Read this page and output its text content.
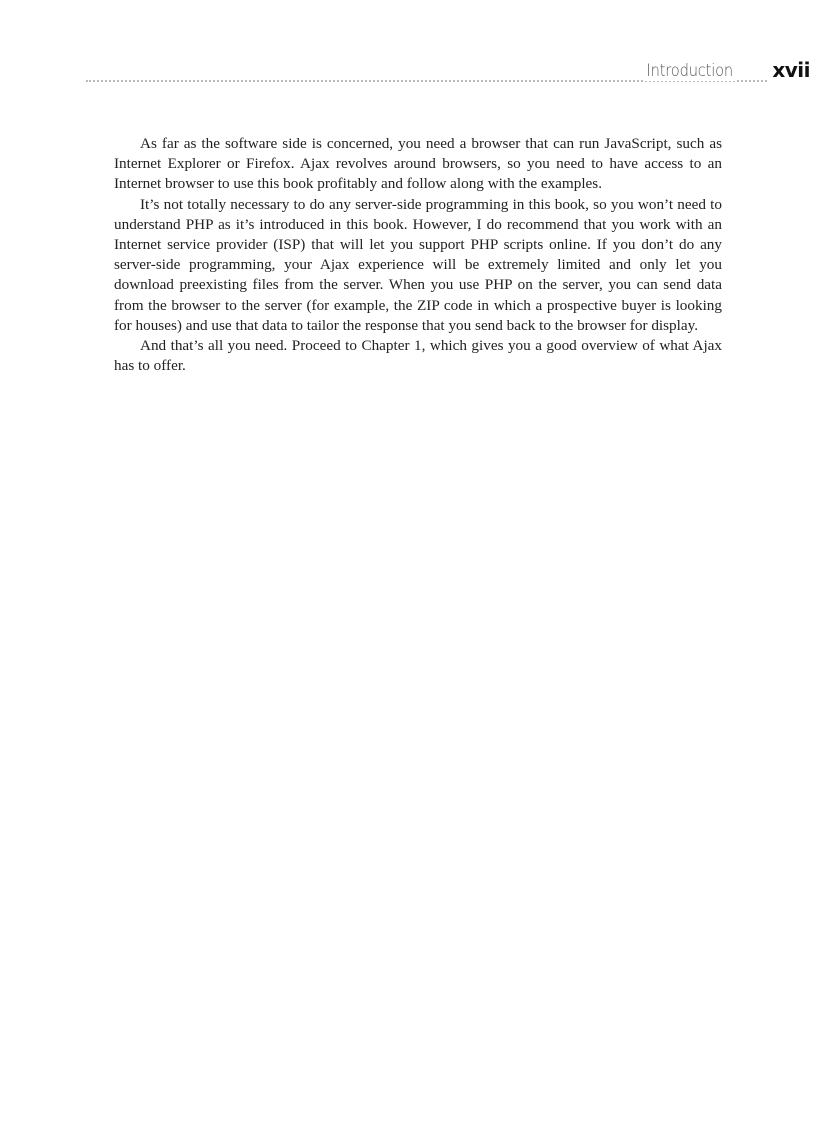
Introduction xvii

As far as the software side is concerned, you need a browser that can run JavaScript, such as Internet Explorer or Firefox. Ajax revolves around browsers, so you need to have access to an Internet browser to use this book profitably and follow along with the examples.

It’s not totally necessary to do any server-side programming in this book, so you won’t need to understand PHP as it’s introduced in this book. However, I do recommend that you work with an Internet service provider (ISP) that will let you support PHP scripts online. If you don’t do any server-side programming, your Ajax experience will be extremely limited and only let you download preexisting files from the server. When you use PHP on the server, you can send data from the browser to the server (for example, the ZIP code in which a prospective buyer is looking for houses) and use that data to tailor the response that you send back to the browser for display.

And that’s all you need. Proceed to Chapter 1, which gives you a good overview of what Ajax has to offer.
